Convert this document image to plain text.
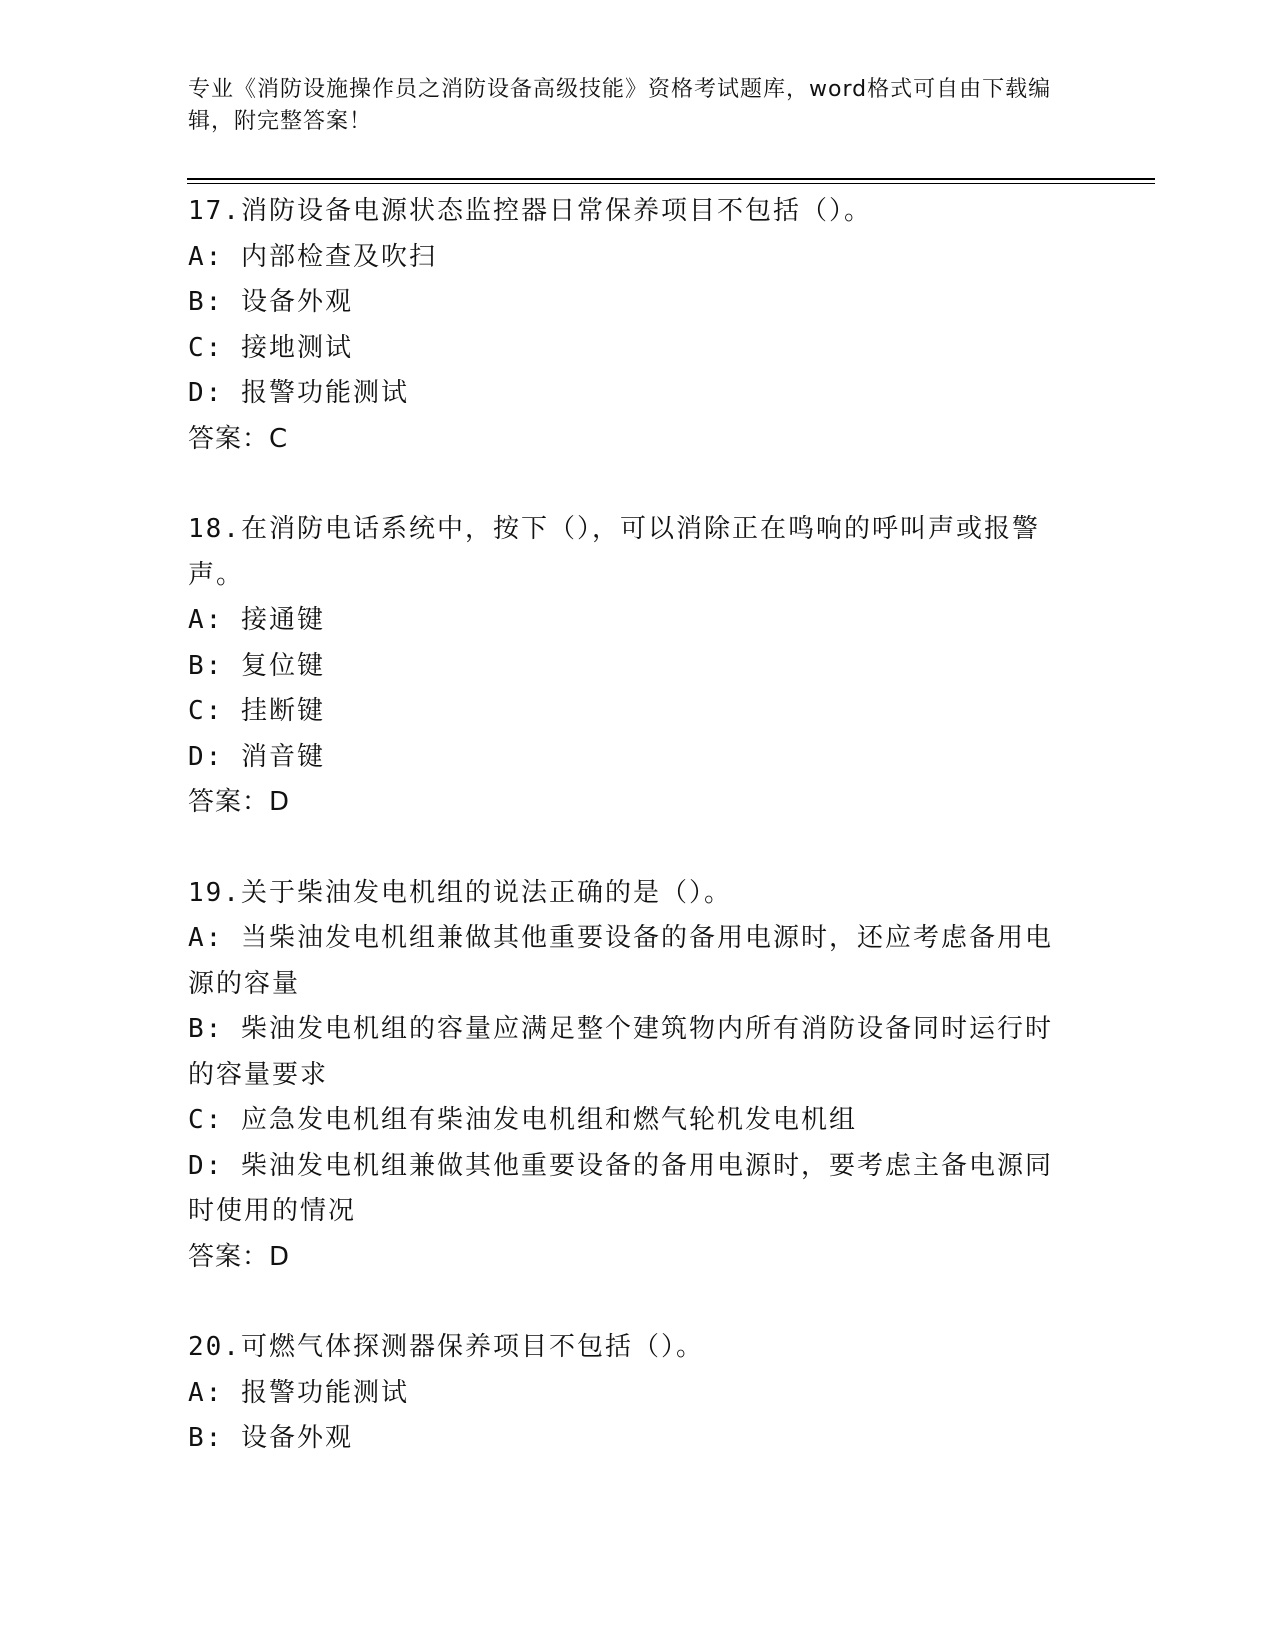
专业《消防设施操作员之消防设备高级技能》资格考试题库，word格式可自由下载编辑，附完整答案！
17.消防设备电源状态监控器日常保养项目不包括（）。
A: 内部检查及吹扫
B: 设备外观
C: 接地测试
D: 报警功能测试
答案：C
18.在消防电话系统中，按下（），可以消除正在鸣响的呼叫声或报警声。
A: 接通键
B: 复位键
C: 挂断键
D: 消音键
答案：D
19.关于柴油发电机组的说法正确的是（）。
A: 当柴油发电机组兼做其他重要设备的备用电源时，还应考虑备用电源的容量
B: 柴油发电机组的容量应满足整个建筑物内所有消防设备同时运行时的容量要求
C: 应急发电机组有柴油发电机组和燃气轮机发电机组
D: 柴油发电机组兼做其他重要设备的备用电源时，要考虑主备电源同时使用的情况
答案：D
20.可燃气体探测器保养项目不包括（）。
A: 报警功能测试
B: 设备外观
